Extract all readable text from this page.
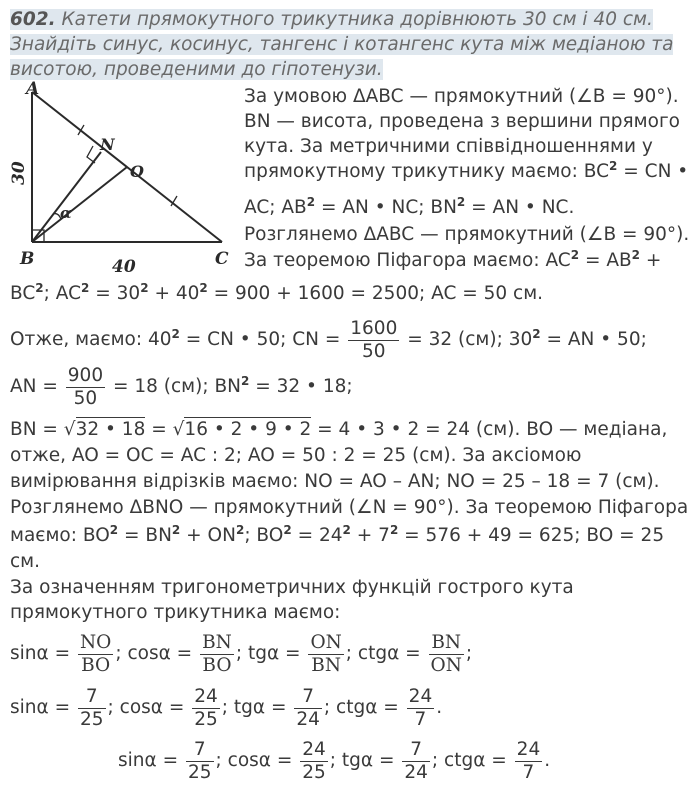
602. Катети прямокутного трикутника дорівнюють 30 см і 40 см.
Знайдіть синус, косинус, тангенс і котангенс кута між медіаною та
висотою, проведеними до гіпотенузи.
A
B	C
N
O
α
40
30
За умовою ΔABC — прямокутний (∠B = 90°).
BN — висота, проведена з вершини прямого
кута. За метричними співвідношеннями у
прямокутному трикутнику маємо: $BC^2$ = CN •
AC; $AB^2$ = AN • NC; $BN^2$ = AN • NC.
Розглянемо ΔABC — прямокутний (∠B = 90°).
За теоремою Піфагора маємо: $AC^2 = AB^2$ +
$BC^2$; $AC^2 = 30^2 + 40^2 = 900 + 1600 = 2500$; AC = 50 см.
Отже, маємо: $40^2$ = CN • 50; CN = $\frac{1600}{50} = 32$ (см); $30^2$ = AN • 50;
AN = $\frac{900}{50} = 18$ (см); $BN^2 = 32$ • 18;
BN = √32 • 18 = √16 • 2 • 9 • 2 = 4 • 3 • 2 = 24 (см). BO — медіана,
отже, AO = OC = AC : 2; AO = 50 : 2 = 25 (см). За аксіомою
вимірювання відрізків маємо: NO = AO – AN; NO = 25 – 18 = 7 (см).
Розглянемо ΔBNO — прямокутний (∠N = 90°). За теоремою Піфагора
маємо: $BO^2 = BN^2 + ON^2$; $BO^2 = 24^2 + 7^2 = 576 + 49 = 625$; BO = 25
см.
За означенням тригонометричних функцій гострого кута
прямокутного трикутника маємо:
$\sin\alpha = \frac{NO}{BO}$ ; $\cos\alpha = \frac{BN}{BO}$ ; $tg\alpha = \frac{ON}{BN}$ ; $ctg\alpha = \frac{BN}{ON}$ ;
$\sin\alpha = \frac{7}{25}$ ; $\cos\alpha = \frac{24}{25}$ ; $tg\alpha = \frac{7}{24}$ ; $ctg\alpha = \frac{24}{7}$ .
$\sin\alpha = \frac{7}{25}$ ; $\cos\alpha = \frac{24}{25}$ ; $tg\alpha = \frac{7}{24}$ ; $ctg\alpha = \frac{24}{7}$ .
